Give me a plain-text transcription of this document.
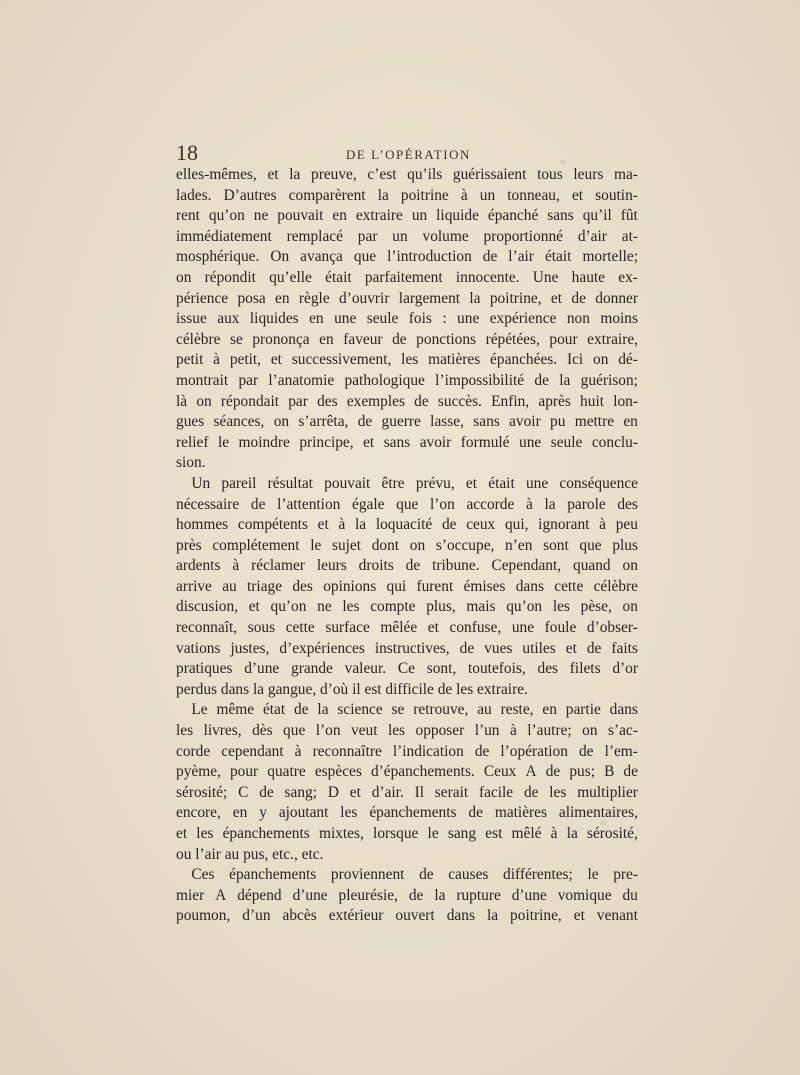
18	DE L’OPÉRATION
elles-mêmes, et la preuve, c’est qu’ils guérissaient tous leurs ma-
lades. D’autres comparèrent la poitrine à un tonneau, et soutin-
rent qu’on ne pouvait en extraire un liquide épanché sans qu’il fût
immédiatement remplacé par un volume proportionné d’air at-
mosphérique. On avança que l’introduction de l’air était mortelle;
on répondit qu’elle était parfaitement innocente. Une haute ex-
périence posa en règle d’ouvrir largement la poitrine, et de donner
issue aux liquides en une seule fois : une expérience non moins
célèbre se prononça en faveur de ponctions répétées, pour extraire,
petit à petit, et successivement, les matières épanchées. Ici on dé-
montrait par l’anatomie pathologique l’impossibilité de la guérison;
là on répondait par des exemples de succès. Enfin, après huit lon-
gues séances, on s’arrêta, de guerre lasse, sans avoir pu mettre en
relief le moindre principe, et sans avoir formulé une seule conclu-
sion.
Un pareil résultat pouvait être prévu, et était une conséquence
nécessaire de l’attention égale que l’on accorde à la parole des
hommes compétents et à la loquacité de ceux qui, ignorant à peu
près complétement le sujet dont on s’occupe, n’en sont que plus
ardents à réclamer leurs droits de tribune. Cependant, quand on
arrive au triage des opinions qui furent émises dans cette célèbre
discusion, et qu’on ne les compte plus, mais qu’on les pèse, on
reconnaît, sous cette surface mêlée et confuse, une foule d’obser-
vations justes, d’expériences instructives, de vues utiles et de faits
pratiques d’une grande valeur. Ce sont, toutefois, des filets d’or
perdus dans la gangue, d’où il est difficile de les extraire.
Le même état de la science se retrouve, au reste, en partie dans
les livres, dès que l’on veut les opposer l’un à l’autre; on s’ac-
corde cependant à reconnaître l’indication de l’opération de l’em-
pyème, pour quatre espèces d’épanchements. Ceux A de pus; B de
sérosité; C de sang; D et d’air. Il serait facile de les multiplier
encore, en y ajoutant les épanchements de matières alimentaires,
et les épanchements mixtes, lorsque le sang est mêlé à la sérosité,
ou l’air au pus, etc., etc.
Ces épanchements proviennent de causes différentes; le pre-
mier A dépend d’une pleurésie, de la rupture d’une vomique du
poumon, d’un abcès extérieur ouvert dans la poitrine, et venant
